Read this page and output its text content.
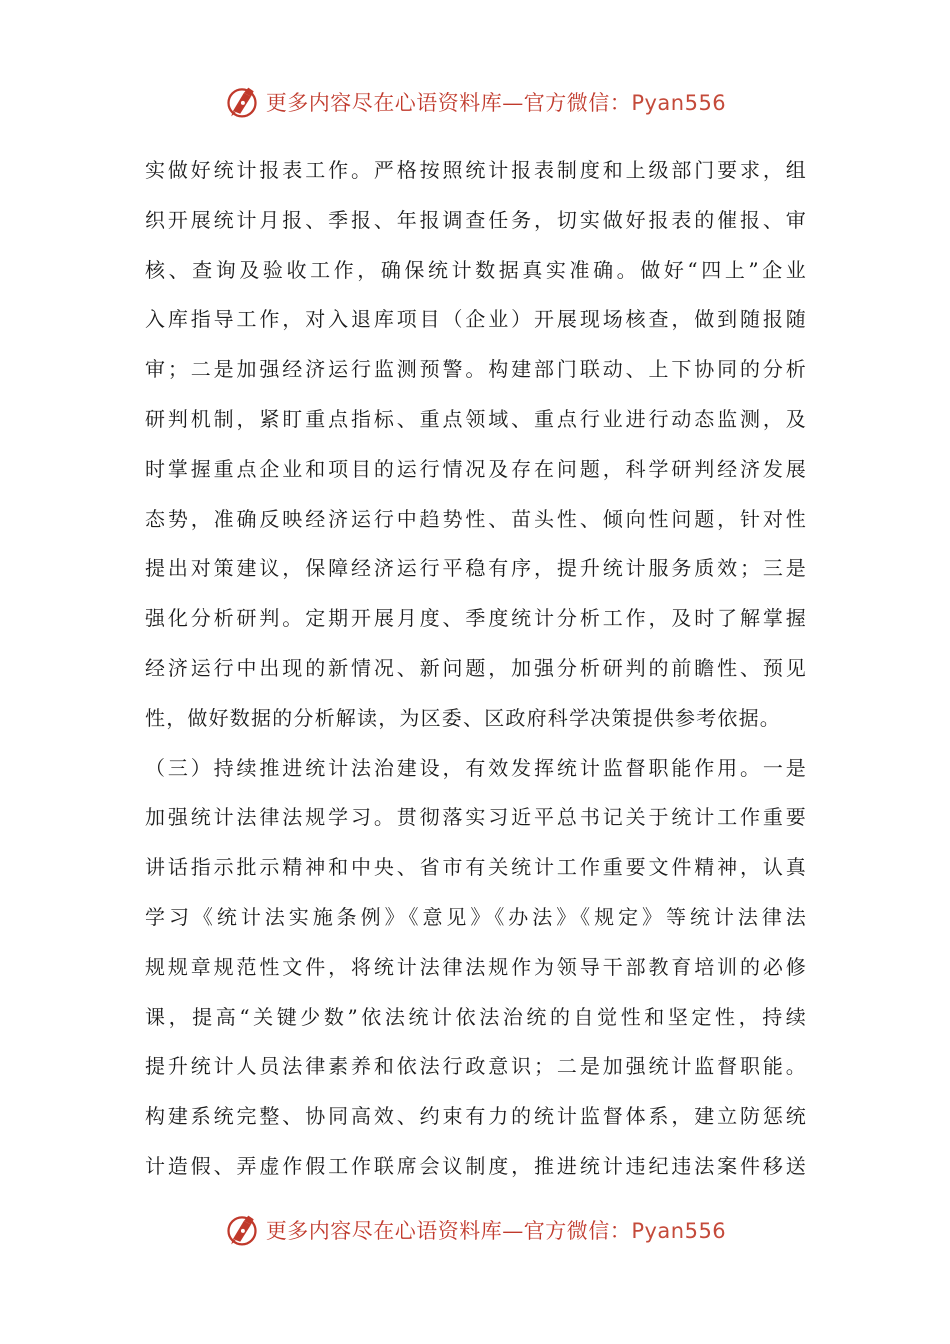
更多内容尽在心语资料库—官方微信：Pyan556
实做好统计报表工作。严格按照统计报表制度和上级部门要求，组
织开展统计月报、季报、年报调查任务，切实做好报表的催报、审
核、查询及验收工作，确保统计数据真实准确。做好“四上”企业
入库指导工作，对入退库项目（企业）开展现场核查，做到随报随
审；二是加强经济运行监测预警。构建部门联动、上下协同的分析
研判机制，紧盯重点指标、重点领域、重点行业进行动态监测，及
时掌握重点企业和项目的运行情况及存在问题，科学研判经济发展
态势，准确反映经济运行中趋势性、苗头性、倾向性问题，针对性
提出对策建议，保障经济运行平稳有序，提升统计服务质效；三是
强化分析研判。定期开展月度、季度统计分析工作，及时了解掌握
经济运行中出现的新情况、新问题，加强分析研判的前瞻性、预见
性，做好数据的分析解读，为区委、区政府科学决策提供参考依据。
（三）持续推进统计法治建设，有效发挥统计监督职能作用。一是
加强统计法律法规学习。贯彻落实习近平总书记关于统计工作重要
讲话指示批示精神和中央、省市有关统计工作重要文件精神，认真
学习《统计法实施条例》《意见》《办法》《规定》等统计法律法
规规章规范性文件，将统计法律法规作为领导干部教育培训的必修
课，提高“关键少数”依法统计依法治统的自觉性和坚定性，持续
提升统计人员法律素养和依法行政意识；二是加强统计监督职能。
构建系统完整、协同高效、约束有力的统计监督体系，建立防惩统
计造假、弄虚作假工作联席会议制度，推进统计违纪违法案件移送
更多内容尽在心语资料库—官方微信：Pyan556
